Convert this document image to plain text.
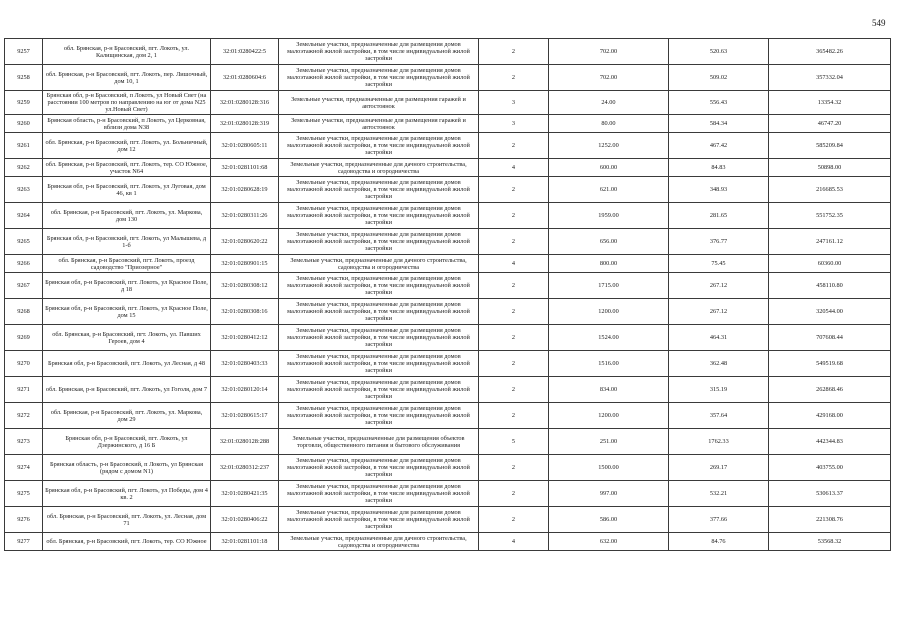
549
9257	обл. Брянская, р-н Брасовский, пгт. Локоть, ул. Калищинская, дом 2, 1	32:01:0280422:5	Земельные участки, предназначенные для размещения домов малоэтажной жилой застройки, в том числе индивидуальной жилой застройки	2	702.00	520.63	365482.26
9258	обл. Брянская, р-н Брасовский, пгт. Локоть, пер. Лишочный, дом 10, 1	32:01:0280604:6	Земельные участки, предназначенные для размещения домов малоэтажной жилой застройки, в том числе индивидуальной жилой застройки	2	702.00	509.02	357332.04
9259	Брянская обл, р-н Брасовский, п Локоть, ул Новый Свет (на расстоянии 100 метров по направлению на юг от дома N25 ул.Новый Свет)	32:01:0280128:316	Земельные участки, предназначенные для размещения гаражей и автостоянок	3	24.00	556.43	13354.32
9260	Брянская область, р-н Брасовский, п Локоть, ул Церковная, вблизи дома N38	32:01:0280128:319	Земельные участки, предназначенные для размещения гаражей и автостоянок	3	80.00	584.34	46747.20
9261	обл. Брянская, р-н Брасовский, пгт. Локоть, ул. Больничный, дом 12	32:01:0280605:11	Земельные участки, предназначенные для размещения домов малоэтажной жилой застройки, в том числе индивидуальной жилой застройки	2	1252.00	467.42	585209.84
9262	обл. Брянская, р-н Брасовский, пгт. Локоть, тер. СО Южное, участок N64	32:01:0281101:68	Земельные участки, предназначенные для дачного строительства, садоводства и огородничества	4	600.00	84.83	50898.00
9263	Брянская обл, р-н Брасовский, пгт. Локоть, ул Луговая, дом 46, кв 1	32:01:0280628:19	Земельные участки, предназначенные для размещения домов малоэтажной жилой застройки, в том числе индивидуальной жилой застройки	2	621.00	348.93	216685.53
9264	обл. Брянская, р-н Брасовский, пгт. Локоть, ул. Маркова, дом 130	32:01:0280311:26	Земельные участки, предназначенные для размещения домов малоэтажной жилой застройки, в том числе индивидуальной жилой застройки	2	1959.00	281.65	551752.35
9265	Брянская обл, р-н Брасовский, пгт. Локоть, ул Малышева, д 1-б	32:01:0280620:22	Земельные участки, предназначенные для размещения домов малоэтажной жилой застройки, в том числе индивидуальной жилой застройки	2	656.00	376.77	247161.12
9266	обл. Брянская, р-н Брасовский, пгт. Локоть, проезд садоводство "Приозерное"	32:01:0280901:15	Земельные участки, предназначенные для дачного строительства, садоводства и огородничества	4	800.00	75.45	60360.00
9267	Брянская обл, р-н Брасовский, пгт. Локоть, ул Красное Поле, д 18	32:01:0280308:12	Земельные участки, предназначенные для размещения домов малоэтажной жилой застройки, в том числе индивидуальной жилой застройки	2	1715.00	267.12	458110.80
9268	Брянская обл, р-н Брасовский, пгт. Локоть, ул Красное Поле, дом 15	32:01:0280308:16	Земельные участки, предназначенные для размещения домов малоэтажной жилой застройки, в том числе индивидуальной жилой застройки	2	1200.00	267.12	320544.00
9269	обл. Брянская, р-н Брасовский, пгт. Локоть, ул. Павших Героев, дом 4	32:01:0280412:12	Земельные участки, предназначенные для размещения домов малоэтажной жилой застройки, в том числе индивидуальной жилой застройки	2	1524.00	464.31	707608.44
9270	Брянская обл, р-н Брасовский, пгт. Локоть, ул Лесная, д 48	32:01:0280403:33	Земельные участки, предназначенные для размещения домов малоэтажной жилой застройки, в том числе индивидуальной жилой застройки	2	1516.00	362.48	549519.68
9271	обл. Брянская, р-н Брасовский, пгт. Локоть, ул Гоголя, дом 7	32:01:0280120:14	Земельные участки, предназначенные для размещения домов малоэтажной жилой застройки, в том числе индивидуальной жилой застройки	2	834.00	315.19	262868.46
9272	обл. Брянская, р-н Брасовский, пгт. Локоть, ул. Маркова, дом 29	32:01:0280615:17	Земельные участки, предназначенные для размещения домов малоэтажной жилой застройки, в том числе индивидуальной жилой застройки	2	1200.00	357.64	429168.00
9273	Брянская обл, р-н Брасовский, пгт. Локоть, ул Дзержинского, д 16 Б	32:01:0280128:288	Земельные участки, предназначенные для размещения объектов торговли, общественного питания и бытового обслуживания	5	251.00	1762.33	442344.83
9274	Брянская область, р-н Брасовский, п Локоть, ул Брянская (рядом с домом N1)	32:01:0280312:237	Земельные участки, предназначенные для размещения домов малоэтажной жилой застройки, в том числе индивидуальной жилой застройки	2	1500.00	269.17	403755.00
9275	Брянская обл, р-н Брасовский, пгт. Локоть, ул Победы, дом 4 кв. 2	32:01:0280421:35	Земельные участки, предназначенные для размещения домов малоэтажной жилой застройки, в том числе индивидуальной жилой застройки	2	997.00	532.21	530613.37
9276	обл. Брянская, р-н Брасовский, пгт. Локоть, ул. Лесная, дом 71	32:01:0280406:22	Земельные участки, предназначенные для размещения домов малоэтажной жилой застройки, в том числе индивидуальной жилой застройки	2	586.00	377.66	221308.76
9277	обл. Брянская, р-н Брасовский, пгт. Локоть, тер. СО Южное	32:01:0281101:18	Земельные участки, предназначенные для дачного строительства, садоводства и огородничества	4	632.00	84.76	53568.32
